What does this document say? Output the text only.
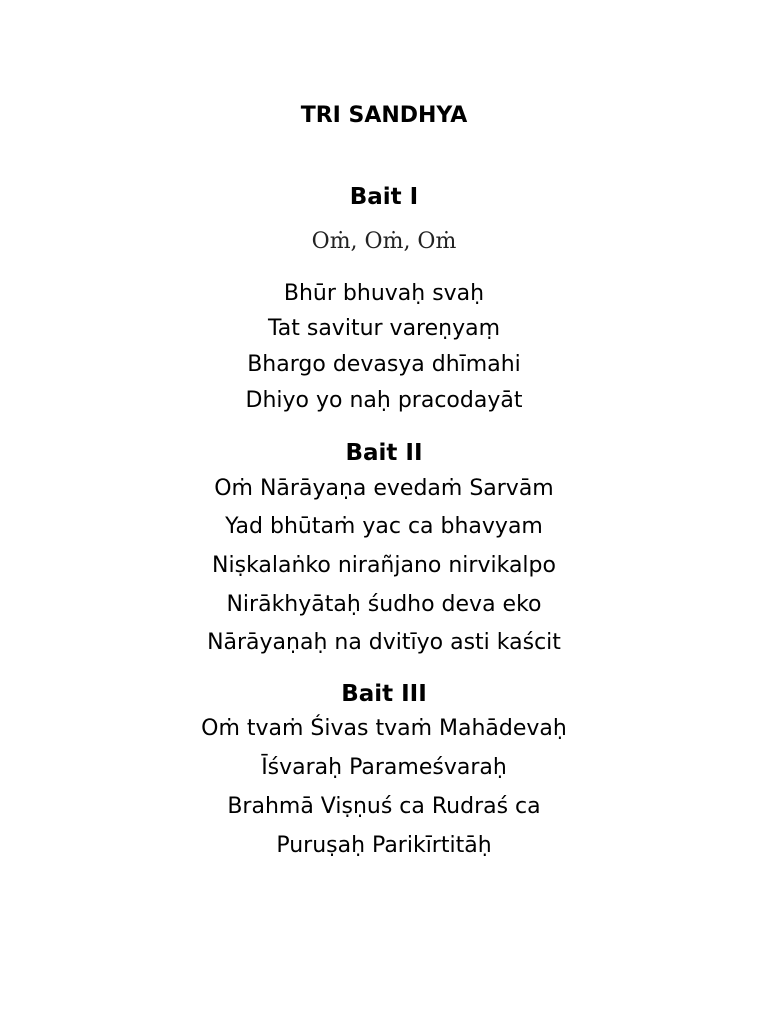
TRI SANDHYA
Bait I
Oṁ, Oṁ, Oṁ
Bhūr bhuvaḥ svaḥ
Tat savitur vareṇyaṃ
Bhargo devasya dhīmahi
Dhiyo yo naḥ pracodayāt
Bait II
Oṁ Nārāyaṇa evedaṁ Sarvām
Yad bhūtaṁ yac ca bhavyam
Niṣkalaṅko nirañjano nirvikalpo
Nirākhyātaḥ śudho deva eko
Nārāyaṇaḥ na dvitīyo asti kaścit
Bait III
Oṁ tvaṁ Śivas tvaṁ Mahādevaḥ
Īśvaraḥ Parameśvaraḥ
Brahmā Viṣṇuś ca Rudraś ca
Puruṣaḥ Parikīrtitāḥ
